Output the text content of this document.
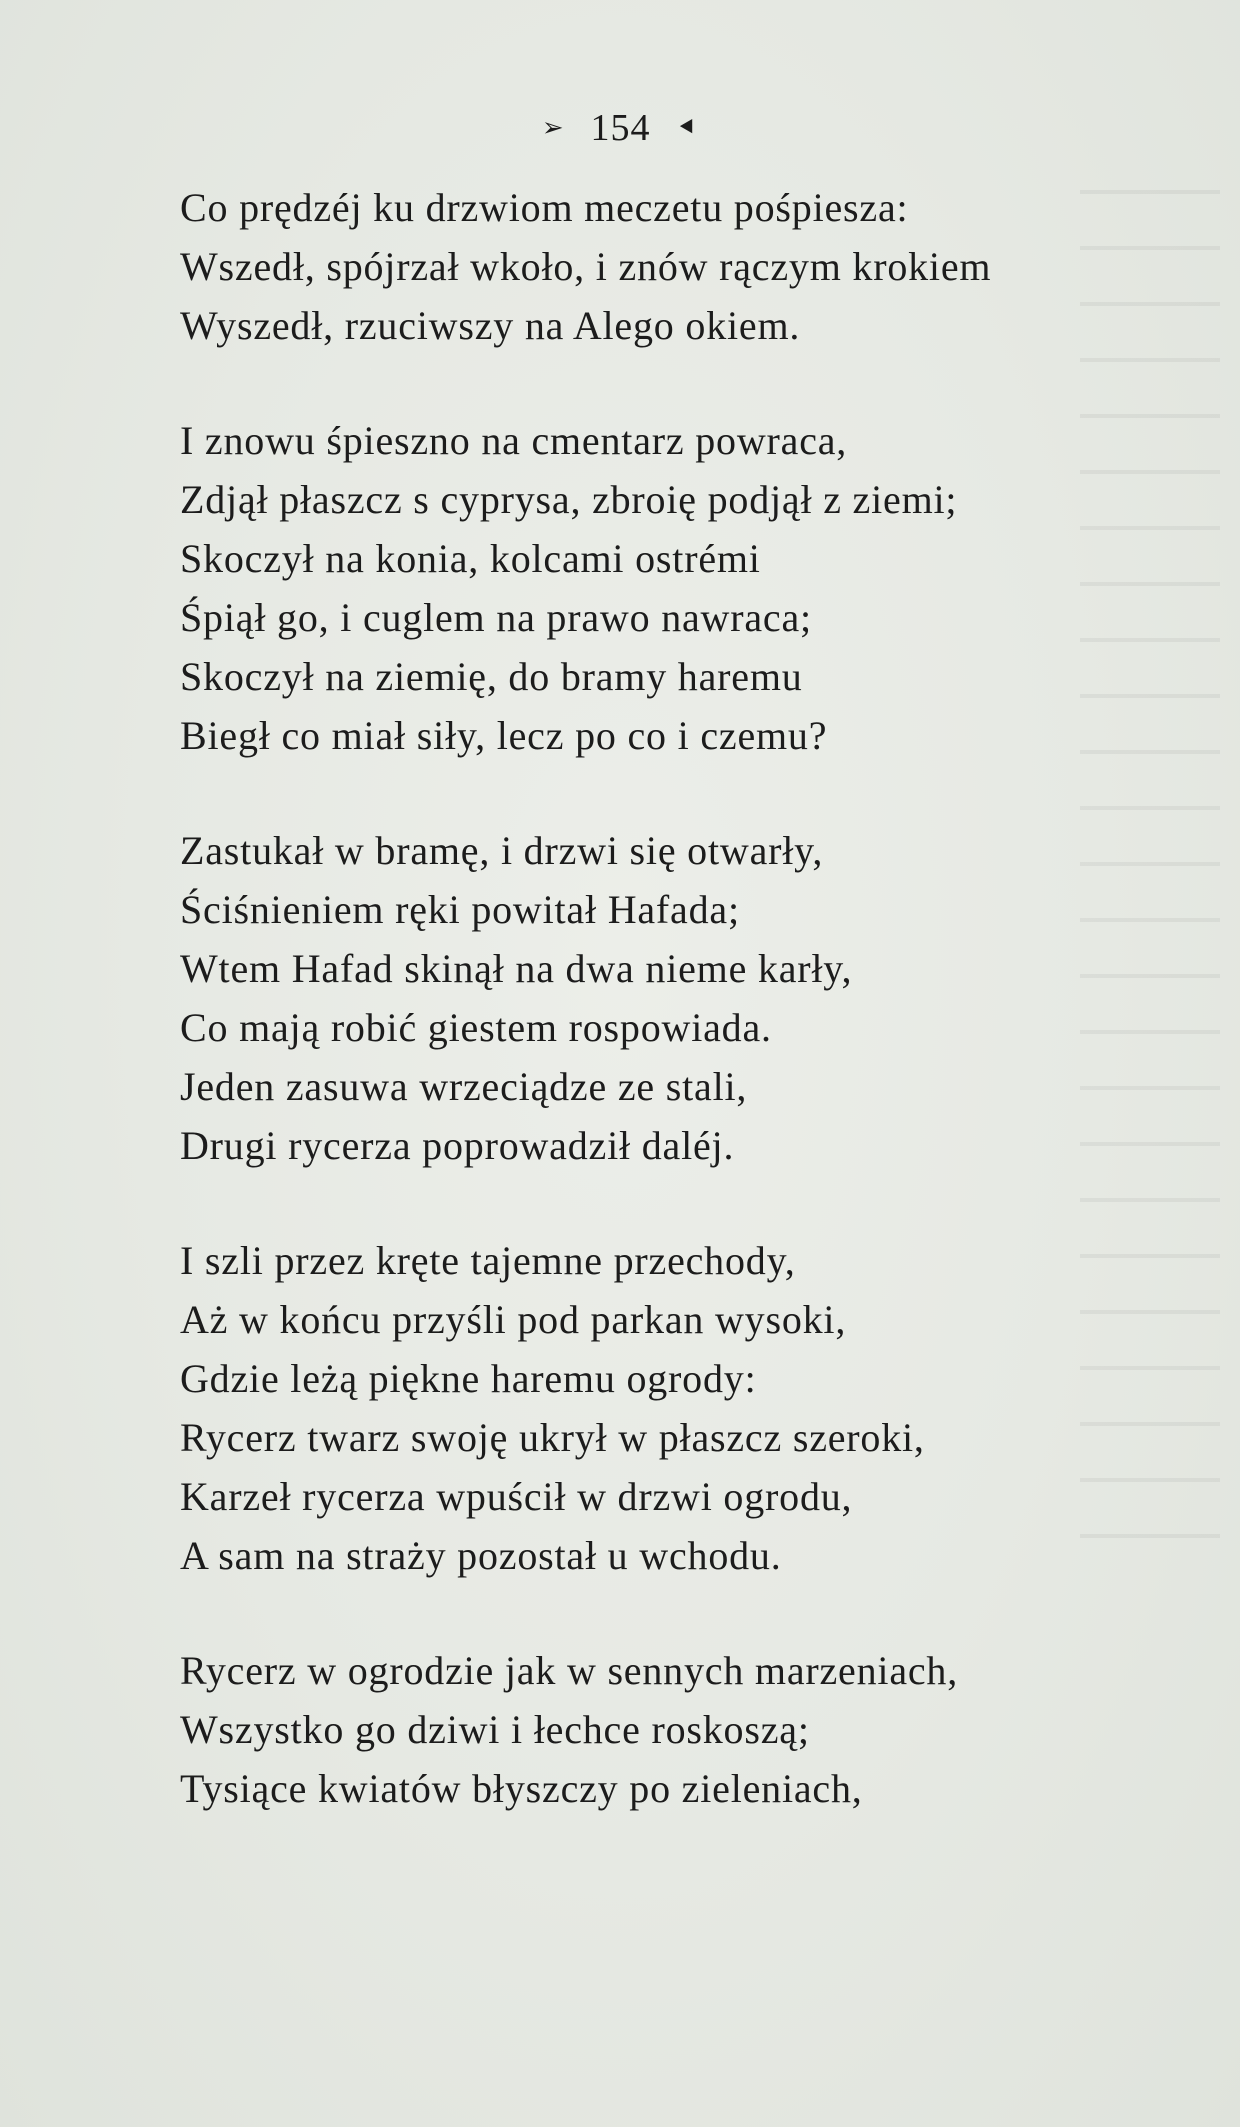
➢ 154 ⯇
Co prędzéj ku drzwiom meczetu pośpiesza:
Wszedł, spójrzał wkoło, i znów rączym krokiem
Wyszedł, rzuciwszy na Alego okiem.
I znowu śpieszno na cmentarz powraca,
Zdjął płaszcz s cyprysa, zbroię podjął z ziemi;
Skoczył na konia, kolcami ostrémi
Śpiął go, i cuglem na prawo nawraca;
Skoczył na ziemię, do bramy haremu
Biegł co miał siły, lecz po co i czemu?
Zastukał w bramę, i drzwi się otwarły,
Ściśnieniem ręki powitał Hafada;
Wtem Hafad skinął na dwa nieme karły,
Co mają robić giestem rospowiada.
Jeden zasuwa wrzeciądze ze stali,
Drugi rycerza poprowadził daléj.
I szli przez kręte tajemne przechody,
Aż w końcu przyśli pod parkan wysoki,
Gdzie leżą piękne haremu ogrody:
Rycerz twarz swoję ukrył w płaszcz szeroki,
Karzeł rycerza wpuścił w drzwi ogrodu,
A sam na straży pozostał u wchodu.
Rycerz w ogrodzie jak w sennych marzeniach,
Wszystko go dziwi i łechce roskoszą;
Tysiące kwiatów błyszczy po zieleniach,
